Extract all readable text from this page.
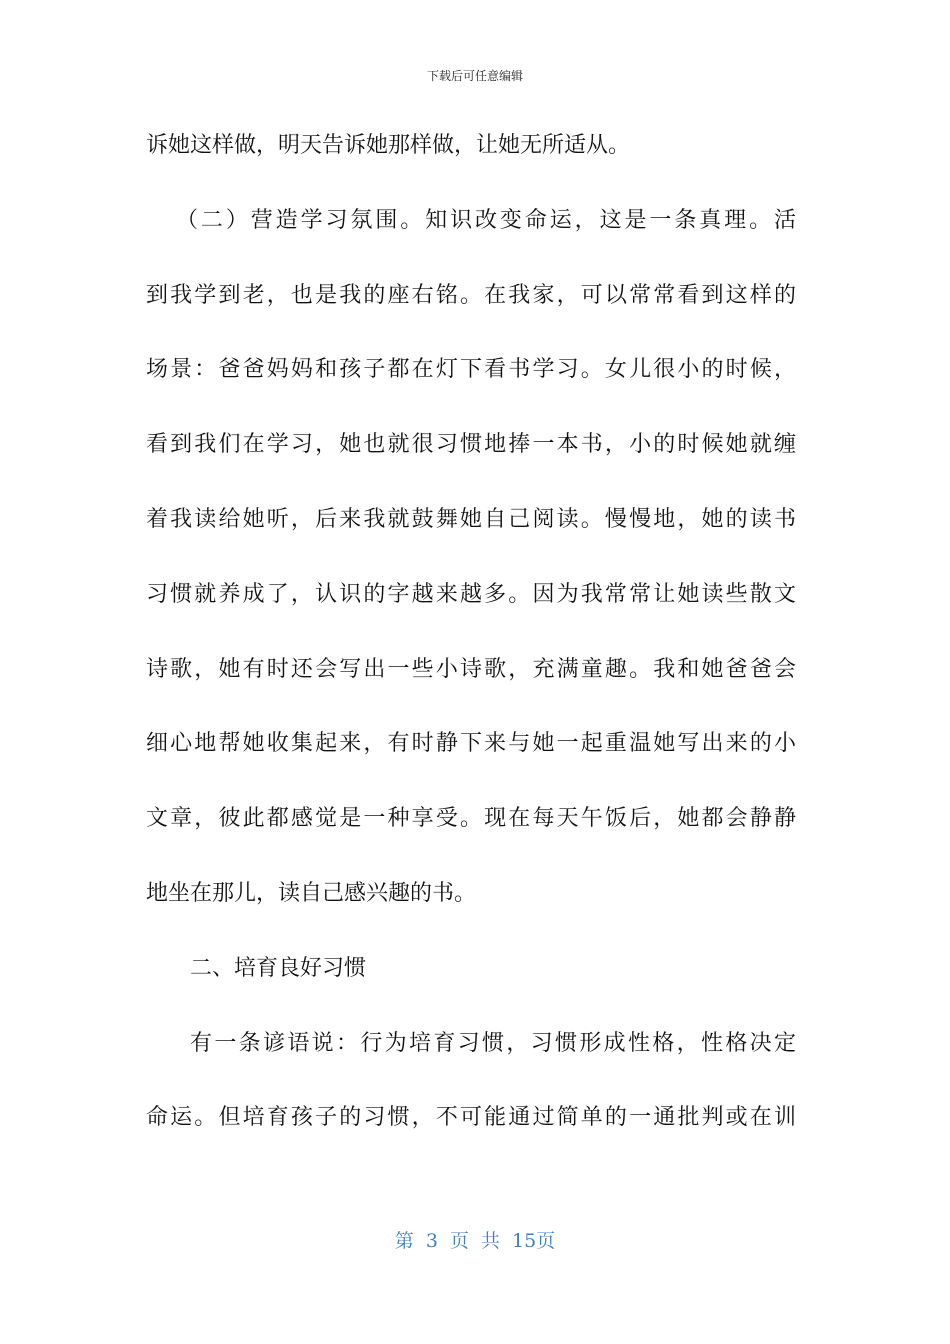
下载后可任意编辑
诉她这样做，明天告诉她那样做，让她无所适从。
（二）营造学习氛围。知识改变命运，这是一条真理。活
到我学到老，也是我的座右铭。在我家，可以常常看到这样的
场景：爸爸妈妈和孩子都在灯下看书学习。女儿很小的时候，
看到我们在学习，她也就很习惯地捧一本书，小的时候她就缠
着我读给她听，后来我就鼓舞她自己阅读。慢慢地，她的读书
习惯就养成了，认识的字越来越多。因为我常常让她读些散文
诗歌，她有时还会写出一些小诗歌，充满童趣。我和她爸爸会
细心地帮她收集起来，有时静下来与她一起重温她写出来的小
文章，彼此都感觉是一种享受。现在每天午饭后，她都会静静
地坐在那儿，读自己感兴趣的书。
二、培育良好习惯
有一条谚语说：行为培育习惯，习惯形成性格，性格决定
命运。但培育孩子的习惯，不可能通过简单的一通批判或在训
第 3 页 共 15页
